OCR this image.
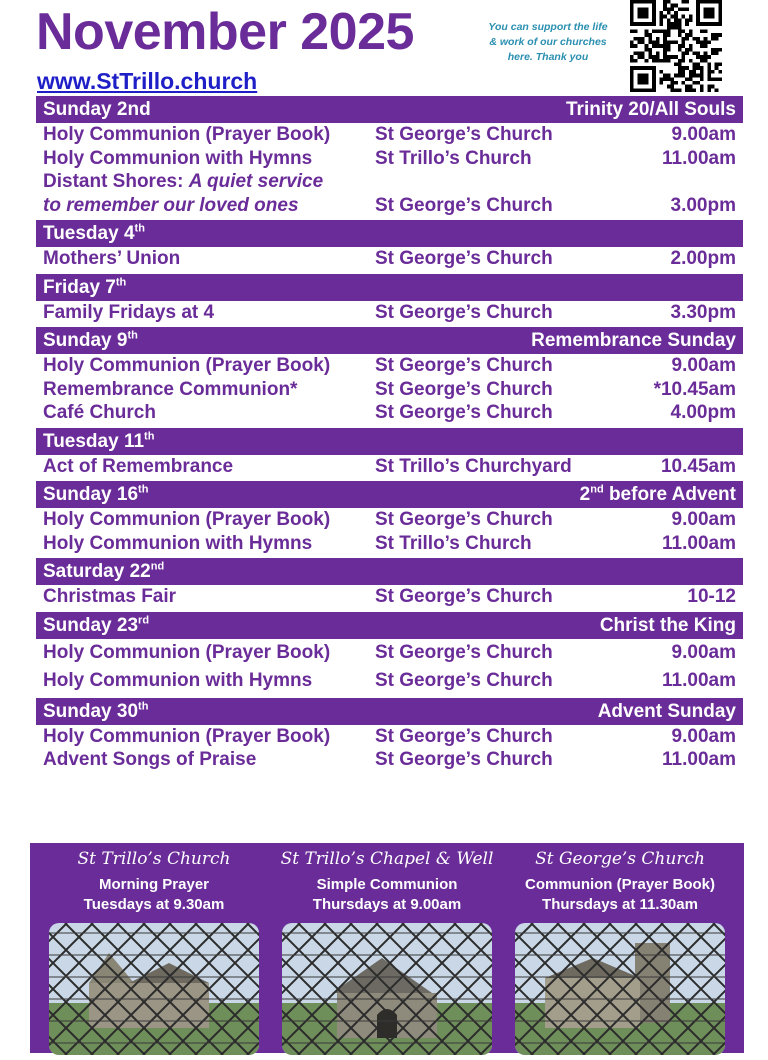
November 2025
www.StTrillo.church
You can support the life
& work of our churches
here. Thank you
Sunday 2nd	Trinity 20/All Souls
Holy Communion (Prayer Book)	St George’s Church	9.00am
Holy Communion with Hymns	St Trillo’s Church	11.00am
Distant Shores: A quiet service
to remember our loved ones	St George’s Church	3.00pm
Tuesday 4th
Mothers’ Union	St George’s Church	2.00pm
Friday 7th
Family Fridays at 4	St George’s Church	3.30pm
Sunday 9th	Remembrance Sunday
Holy Communion (Prayer Book)	St George’s Church	9.00am
Remembrance Communion*	St George’s Church	*10.45am
Café Church	St George’s Church	4.00pm
Tuesday 11th
Act of Remembrance	St Trillo’s Churchyard	10.45am
Sunday 16th	2nd before Advent
Holy Communion (Prayer Book)	St George’s Church	9.00am
Holy Communion with Hymns	St Trillo’s Church	11.00am
Saturday 22nd
Christmas Fair	St George’s Church	10-12
Sunday 23rd	Christ the King
Holy Communion (Prayer Book)	St George’s Church	9.00am
Holy Communion with Hymns	St George’s Church	11.00am
Sunday 30th	Advent Sunday
Holy Communion (Prayer Book)	St George’s Church	9.00am
Advent Songs of Praise	St George’s Church	11.00am
St Trillo’s Church
Morning Prayer
Tuesdays at 9.30am
St Trillo’s Chapel & Well
Simple Communion
Thursdays at 9.00am
St George’s Church
Communion (Prayer Book)
Thursdays at 11.30am
